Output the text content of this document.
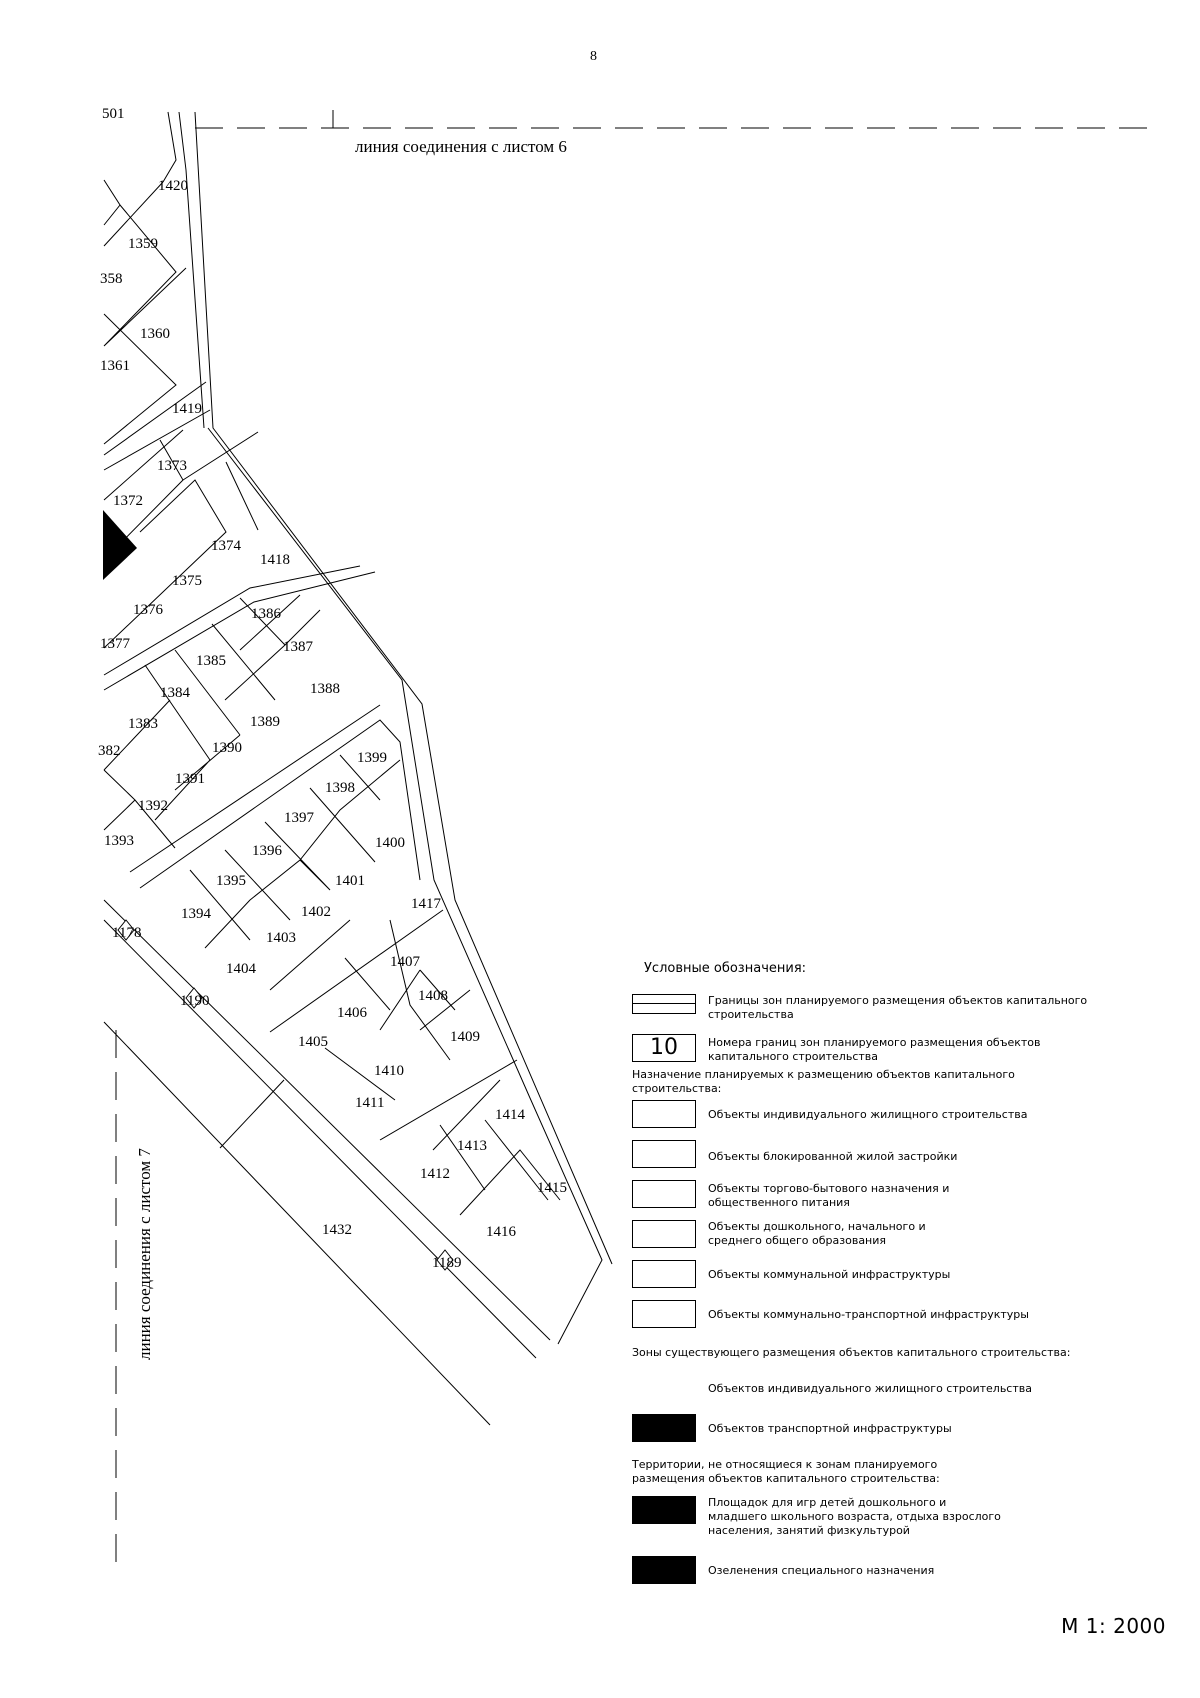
8
линия соединения с листом 6
линия соединения с листом 7
501
1420
1359
358
1360
1361
1419
1373
1372
1374
1418
1375
1376
1377
1386
1387
1385
1388
1384
1383	1389
382	1390
1399
1391
1398
1392
1397
1400
1393
1396
1401
1395
1417
1394	1402
1403
1407
1404
1408
1406
1409
1405
1410
1414
1411
1413
1412
1415
1416
1432
1178
1190
1189
Условные обозначения:
Границы зон планируемого размещения объектов капитального строительства
10	Номера границ зон планируемого размещения объектов капитального строительства
Назначение планируемых к размещению объектов капитального строительства:
Объекты индивидуального жилищного строительства
Объекты блокированной жилой застройки
Объекты торгово-бытового назначения и общественного питания
Объекты дошкольного, начального и среднего общего образования
Объекты коммунальной инфраструктуры
Объекты коммунально-транспортной инфраструктуры
Зоны существующего размещения объектов капитального строительства:
Объектов индивидуального жилищного строительства
Объектов транспортной инфраструктуры
Территории, не относящиеся к зонам планируемого размещения объектов капитального строительства:
Площадок для игр детей дошкольного и младшего школьного возраста, отдыха взрослого населения, занятий физкультурой
Озеленения специального назначения
М 1: 2000
